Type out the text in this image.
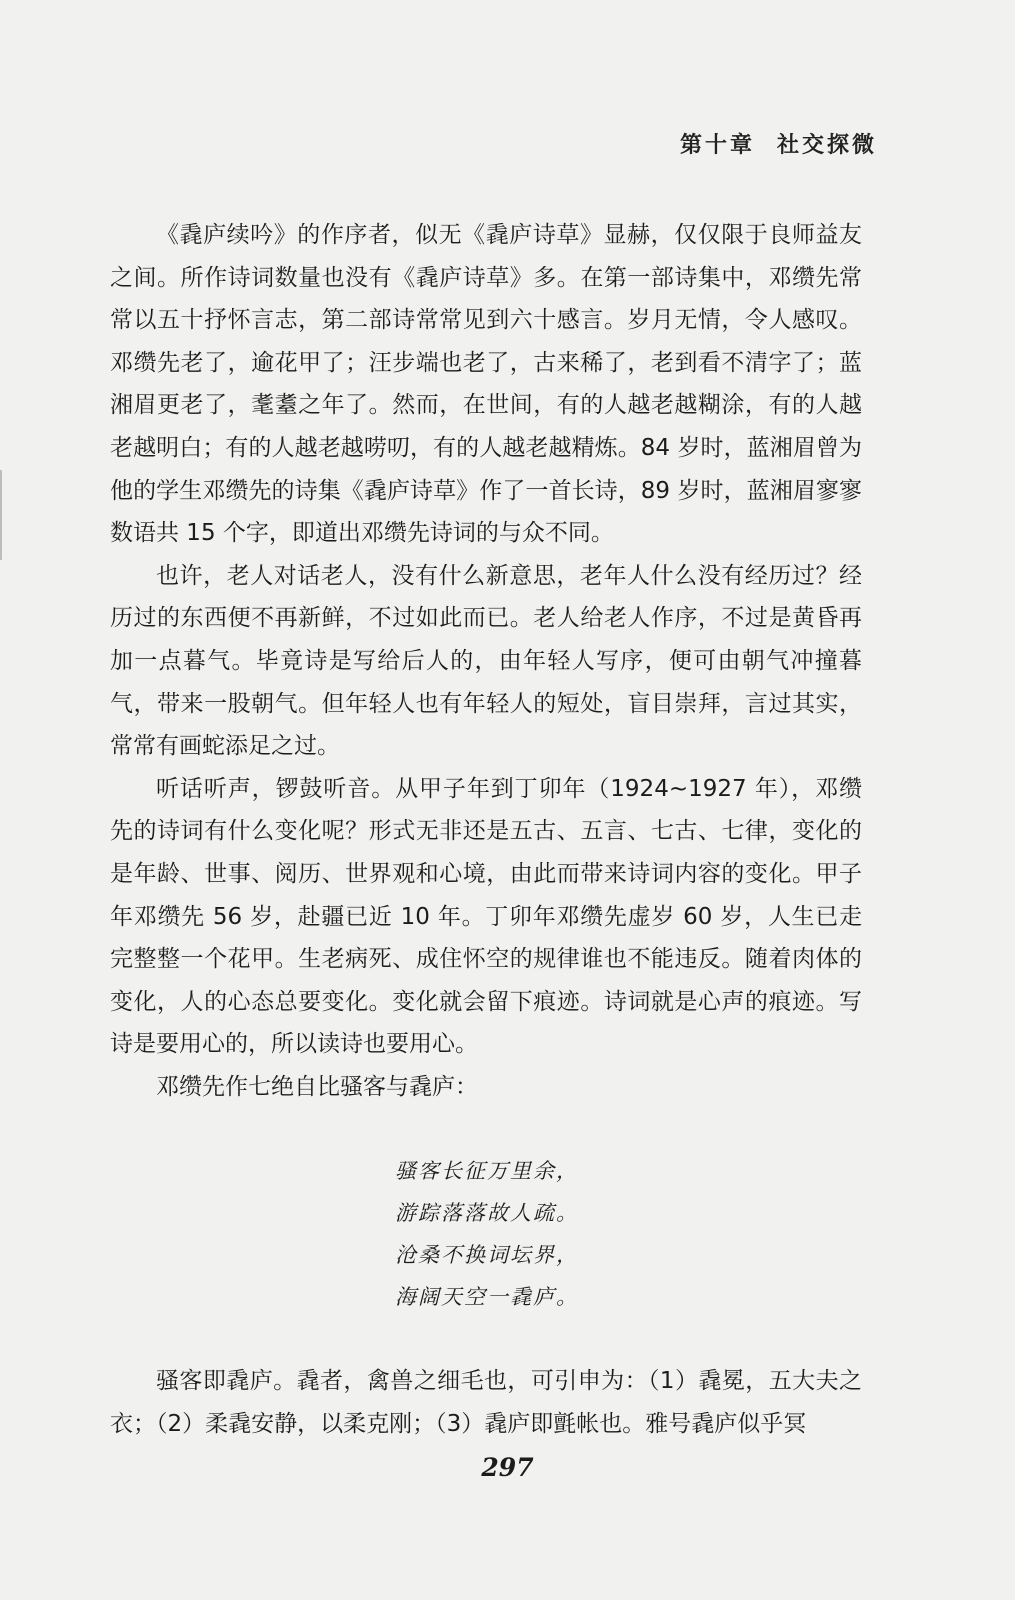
第十章 社交探微

《毳庐续吟》的作序者，似无《毳庐诗草》显赫，仅仅限于良师益友之间。所作诗词数量也没有《毳庐诗草》多。在第一部诗集中，邓缵先常常以五十抒怀言志，第二部诗常常见到六十感言。岁月无情，令人感叹。邓缵先老了，逾花甲了；汪步端也老了，古来稀了，老到看不清字了；蓝湘眉更老了，耄耋之年了。然而，在世间，有的人越老越糊涂，有的人越老越明白；有的人越老越唠叨，有的人越老越精炼。84 岁时，蓝湘眉曾为他的学生邓缵先的诗集《毳庐诗草》作了一首长诗，89 岁时，蓝湘眉寥寥数语共 15 个字，即道出邓缵先诗词的与众不同。

也许，老人对话老人，没有什么新意思，老年人什么没有经历过？经历过的东西便不再新鲜，不过如此而已。老人给老人作序，不过是黄昏再加一点暮气。毕竟诗是写给后人的，由年轻人写序，便可由朝气冲撞暮气，带来一股朝气。但年轻人也有年轻人的短处，盲目崇拜，言过其实，常常有画蛇添足之过。

听话听声，锣鼓听音。从甲子年到丁卯年（1924~1927 年），邓缵先的诗词有什么变化呢？形式无非还是五古、五言、七古、七律，变化的是年龄、世事、阅历、世界观和心境，由此而带来诗词内容的变化。甲子年邓缵先 56 岁，赴疆已近 10 年。丁卯年邓缵先虚岁 60 岁，人生已走完整整一个花甲。生老病死、成住怀空的规律谁也不能违反。随着肉体的变化，人的心态总要变化。变化就会留下痕迹。诗词就是心声的痕迹。写诗是要用心的，所以读诗也要用心。

邓缵先作七绝自比骚客与毳庐：

骚客长征万里余，
游踪落落故人疏。
沧桑不换词坛界，
海阔天空一毳庐。

骚客即毳庐。毳者，禽兽之细毛也，可引申为：（1）毳冕，五大夫之衣；（2）柔毳安静，以柔克刚；（3）毳庐即氈帐也。雅号毳庐似乎冥

297
